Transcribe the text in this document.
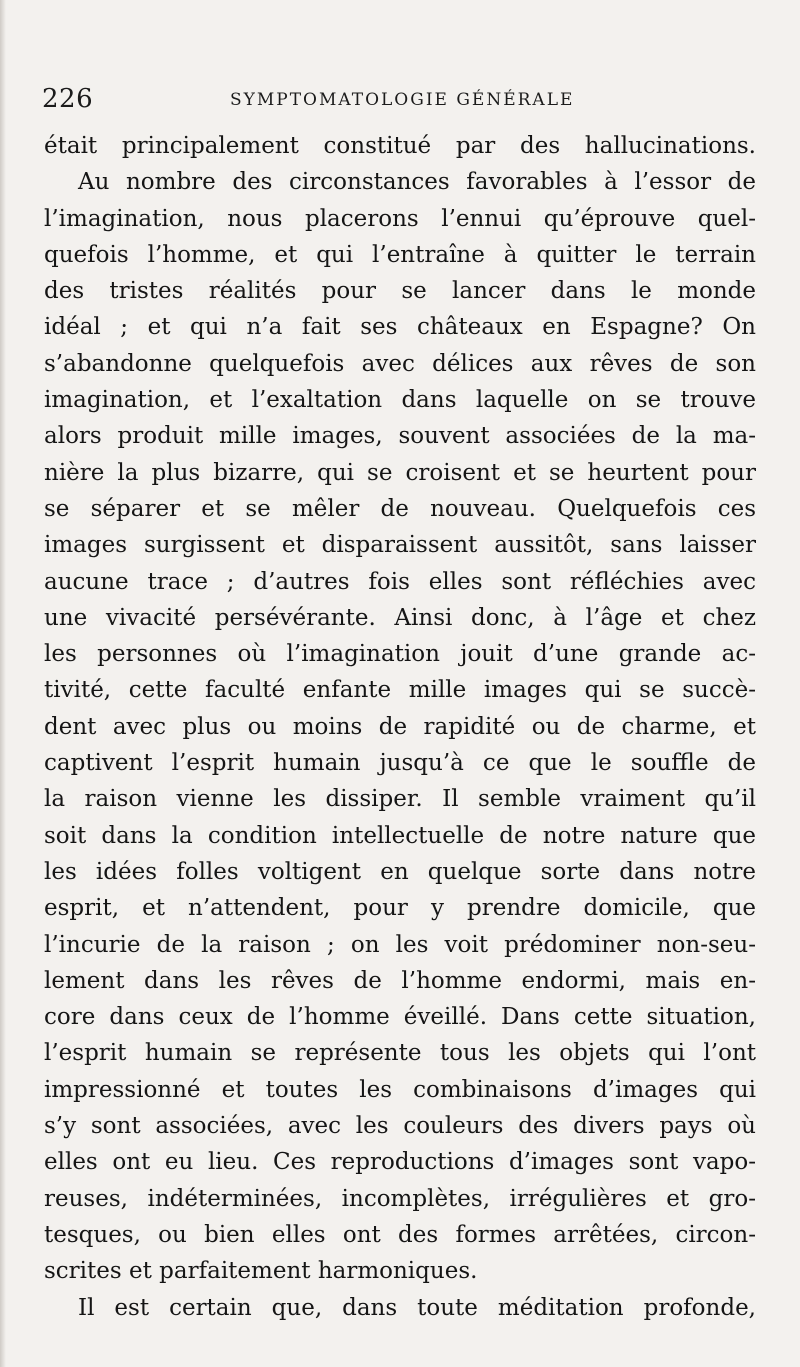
226	SYMPTOMATOLOGIE GÉNÉRALE
était principalement constitué par des hallucinations.
Au nombre des circonstances favorables à l’essor de
l’imagination, nous placerons l’ennui qu’éprouve quel-
quefois l’homme, et qui l’entraîne à quitter le terrain
des tristes réalités pour se lancer dans le monde
idéal ; et qui n’a fait ses châteaux en Espagne? On
s’abandonne quelquefois avec délices aux rêves de son
imagination, et l’exaltation dans laquelle on se trouve
alors produit mille images, souvent associées de la ma-
nière la plus bizarre, qui se croisent et se heurtent pour
se séparer et se mêler de nouveau. Quelquefois ces
images surgissent et disparaissent aussitôt, sans laisser
aucune trace ; d’autres fois elles sont réfléchies avec
une vivacité persévérante. Ainsi donc, à l’âge et chez
les personnes où l’imagination jouit d’une grande ac-
tivité, cette faculté enfante mille images qui se succè-
dent avec plus ou moins de rapidité ou de charme, et
captivent l’esprit humain jusqu’à ce que le souffle de
la raison vienne les dissiper. Il semble vraiment qu’il
soit dans la condition intellectuelle de notre nature que
les idées folles voltigent en quelque sorte dans notre
esprit, et n’attendent, pour y prendre domicile, que
l’incurie de la raison ; on les voit prédominer non-seu-
lement dans les rêves de l’homme endormi, mais en-
core dans ceux de l’homme éveillé. Dans cette situation,
l’esprit humain se représente tous les objets qui l’ont
impressionné et toutes les combinaisons d’images qui
s’y sont associées, avec les couleurs des divers pays où
elles ont eu lieu. Ces reproductions d’images sont vapo-
reuses, indéterminées, incomplètes, irrégulières et gro-
tesques, ou bien elles ont des formes arrêtées, circon-
scrites et parfaitement harmoniques.
Il est certain que, dans toute méditation profonde,
